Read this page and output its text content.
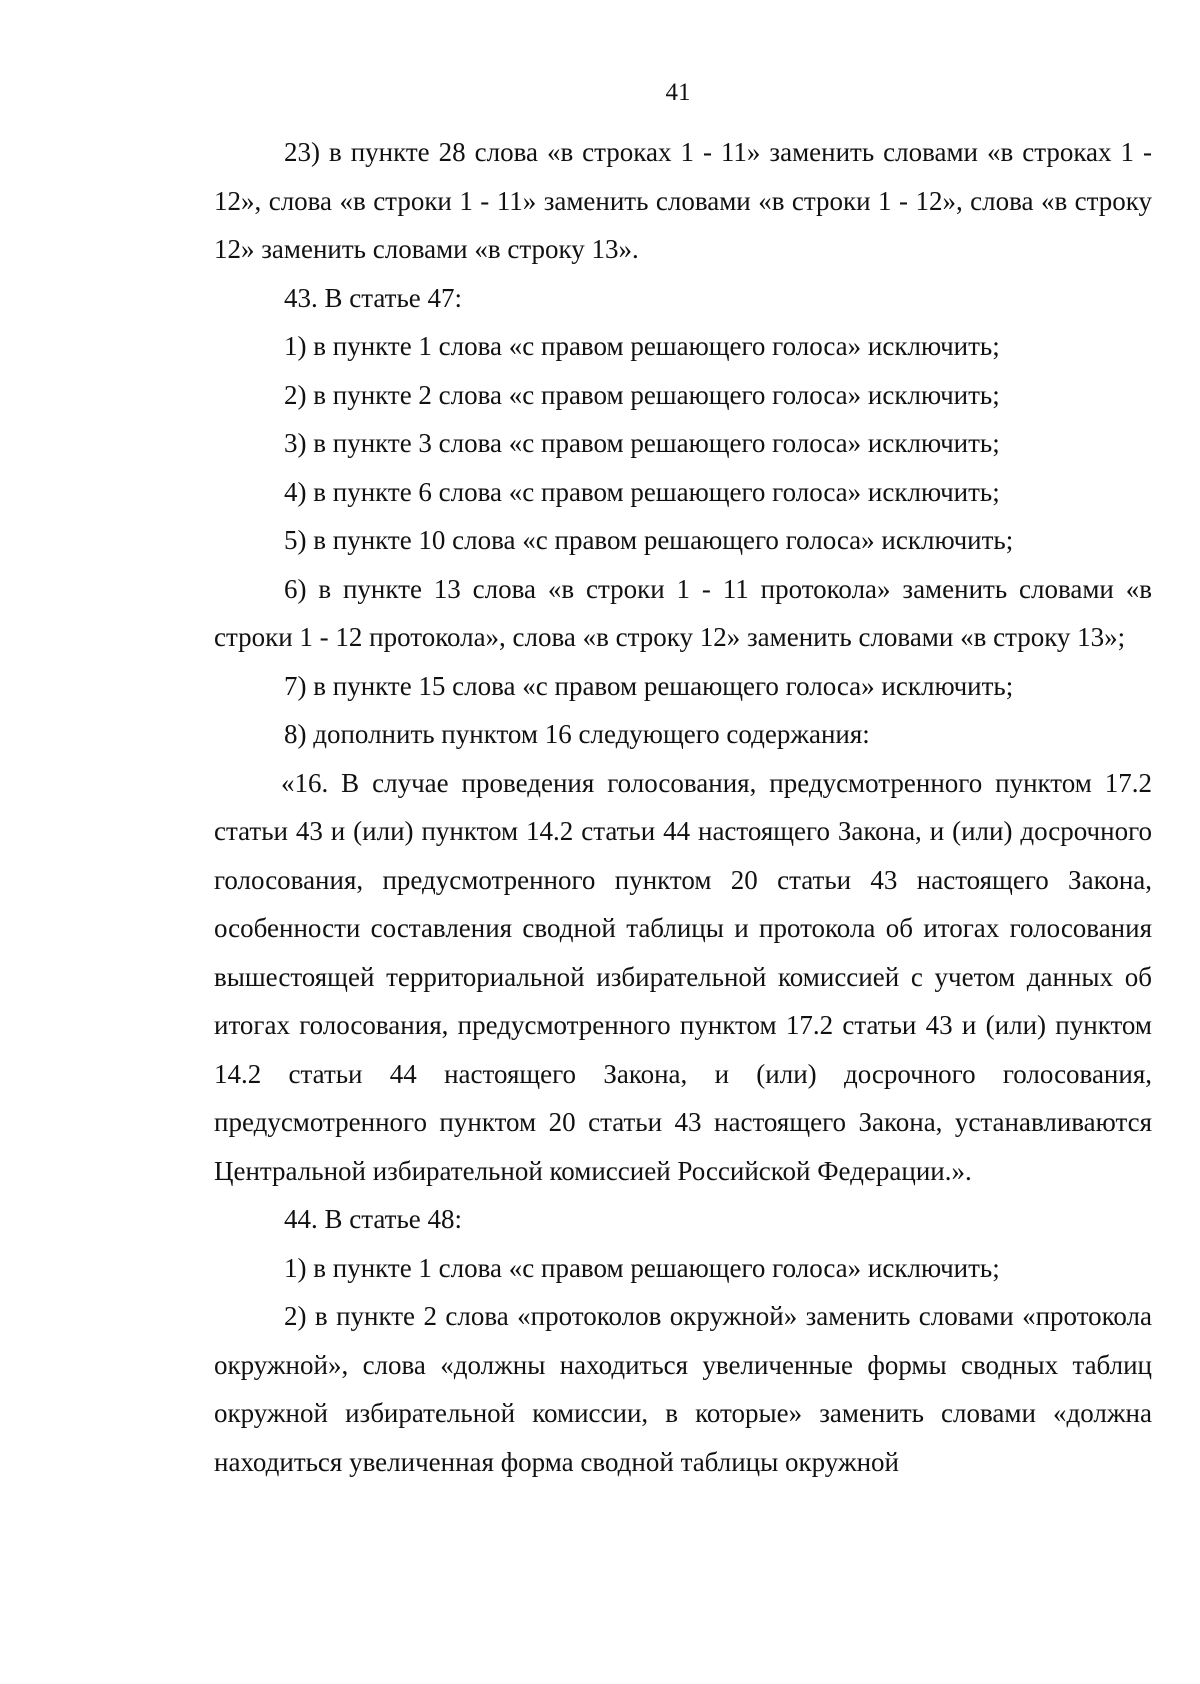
41

23) в пункте 28 слова «в строках 1 - 11» заменить словами «в строках 1 - 12», слова «в строки 1 - 11» заменить словами «в строки 1 - 12», слова «в строку 12» заменить словами «в строку 13».

43. В статье 47:

1) в пункте 1 слова «с правом решающего голоса» исключить;

2) в пункте 2 слова «с правом решающего голоса» исключить;

3) в пункте 3 слова «с правом решающего голоса» исключить;

4) в пункте 6 слова «с правом решающего голоса» исключить;

5) в пункте 10 слова «с правом решающего голоса» исключить;

6) в пункте 13 слова «в строки 1 - 11 протокола» заменить словами «в строки 1 - 12 протокола», слова «в строку 12» заменить словами «в строку 13»;

7) в пункте 15 слова «с правом решающего голоса» исключить;

8) дополнить пунктом 16 следующего содержания:

«16. В случае проведения голосования, предусмотренного пунктом 17.2 статьи 43 и (или) пунктом 14.2 статьи 44 настоящего Закона, и (или) досрочного голосования, предусмотренного пунктом 20 статьи 43 настоящего Закона, особенности составления сводной таблицы и протокола об итогах голосования вышестоящей территориальной избирательной комиссией с учетом данных об итогах голосования, предусмотренного пунктом 17.2 статьи 43 и (или) пунктом 14.2 статьи 44 настоящего Закона, и (или) досрочного голосования, предусмотренного пунктом 20 статьи 43 настоящего Закона, устанавливаются Центральной избирательной комиссией Российской Федерации.».

44. В статье 48:

1) в пункте 1 слова «с правом решающего голоса» исключить;

2) в пункте 2 слова «протоколов окружной» заменить словами «протокола окружной», слова «должны находиться увеличенные формы сводных таблиц окружной избирательной комиссии, в которые» заменить словами «должна находиться увеличенная форма сводной таблицы окружной
